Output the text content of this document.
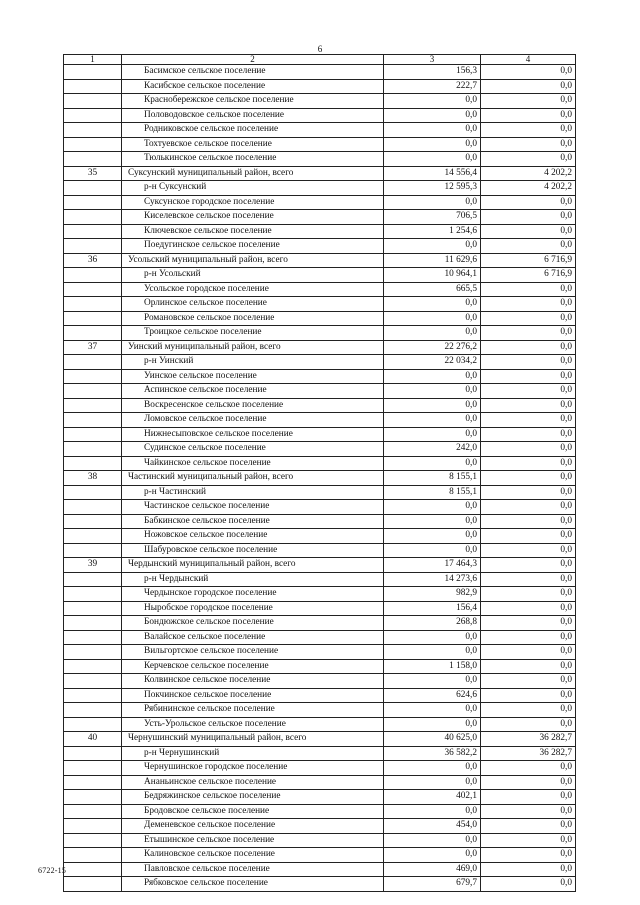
6
1	2	3	4
	Басимское сельское поселение	156,3	0,0
	Касибское сельское поселение	222,7	0,0
	Краснобережское сельское поселение	0,0	0,0
	Половодовское сельское поселение	0,0	0,0
	Родниковское сельское поселение	0,0	0,0
	Тохтуевское сельское поселение	0,0	0,0
	Тюлькинское сельское поселение	0,0	0,0
35	Суксунский муниципальный район, всего	14 556,4	4 202,2
	р-н Суксунский	12 595,3	4 202,2
	Суксунское городское поселение	0,0	0,0
	Киселевское сельское поселение	706,5	0,0
	Ключевское сельское поселение	1 254,6	0,0
	Поедугинское сельское поселение	0,0	0,0
36	Усольский муниципальный район, всего	11 629,6	6 716,9
	р-н Усольский	10 964,1	6 716,9
	Усольское городское поселение	665,5	0,0
	Орлинское сельское поселение	0,0	0,0
	Романовское сельское поселение	0,0	0,0
	Троицкое сельское поселение	0,0	0,0
37	Уинский муниципальный район, всего	22 276,2	0,0
	р-н Уинский	22 034,2	0,0
	Уинское сельское поселение	0,0	0,0
	Аспинское сельское поселение	0,0	0,0
	Воскресенское сельское поселение	0,0	0,0
	Ломовское сельское поселение	0,0	0,0
	Нижнесыповское сельское поселение	0,0	0,0
	Судинское сельское поселение	242,0	0,0
	Чайкинское сельское поселение	0,0	0,0
38	Частинский муниципальный район, всего	8 155,1	0,0
	р-н Частинский	8 155,1	0,0
	Частинское сельское поселение	0,0	0,0
	Бабкинское сельское поселение	0,0	0,0
	Ножовское сельское поселение	0,0	0,0
	Шабуровское сельское поселение	0,0	0,0
39	Чердынский муниципальный район, всего	17 464,3	0,0
	р-н Чердынский	14 273,6	0,0
	Чердынское городское поселение	982,9	0,0
	Ныробское городское поселение	156,4	0,0
	Бондюжское сельское поселение	268,8	0,0
	Валайское сельское поселение	0,0	0,0
	Вильгортское сельское поселение	0,0	0,0
	Керчевское сельское поселение	1 158,0	0,0
	Колвинское сельское поселение	0,0	0,0
	Покчинское сельское поселение	624,6	0,0
	Рябининское сельское поселение	0,0	0,0
	Усть-Урольское сельское поселение	0,0	0,0
40	Чернушинский муниципальный район, всего	40 625,0	36 282,7
	р-н Чернушинский	36 582,2	36 282,7
	Чернушинское городское поселение	0,0	0,0
	Ананьинское сельское поселение	0,0	0,0
	Бедряжинское сельское поселение	402,1	0,0
	Бродовское сельское поселение	0,0	0,0
	Деменевское сельское поселение	454,0	0,0
	Етышинское сельское поселение	0,0	0,0
	Калиновское сельское поселение	0,0	0,0
	Павловское сельское поселение	469,0	0,0
	Рябковское сельское поселение	679,7	0,0
6722-15
